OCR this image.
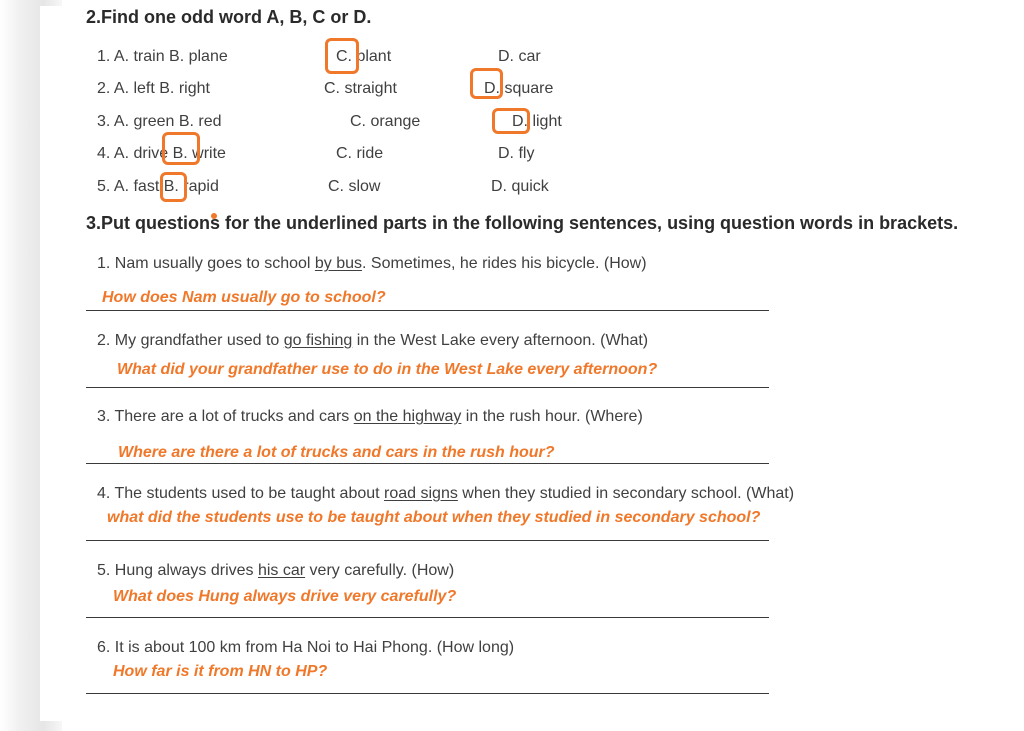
2.Find one odd word A, B, C or D.
1. A. train B. plane	C. plant	D. car
2. A. left B. right	C. straight	D. square
3. A. green B. red	C. orange	D. light
4. A. drive B. write	C. ride	D. fly
5. A. fast B. rapid	C. slow	D. quick
3.Put questions for the underlined parts in the following sentences, using question words in brackets.
1. Nam usually goes to school by bus. Sometimes, he rides his bicycle. (How)
How does Nam usually go to school?
2. My grandfather used to go fishing in the West Lake every afternoon. (What)
What did your grandfather use to do in the West Lake every afternoon?
3. There are a lot of trucks and cars on the highway in the rush hour. (Where)
Where are there a lot of trucks and cars in the rush hour?
4. The students used to be taught about road signs when they studied in secondary school. (What)
what did the students use to be taught about when they studied in secondary school?
5. Hung always drives his car very carefully. (How)
What does Hung always drive very carefully?
6. It is about 100 km from Ha Noi to Hai Phong. (How long)
How far is it from HN to HP?
